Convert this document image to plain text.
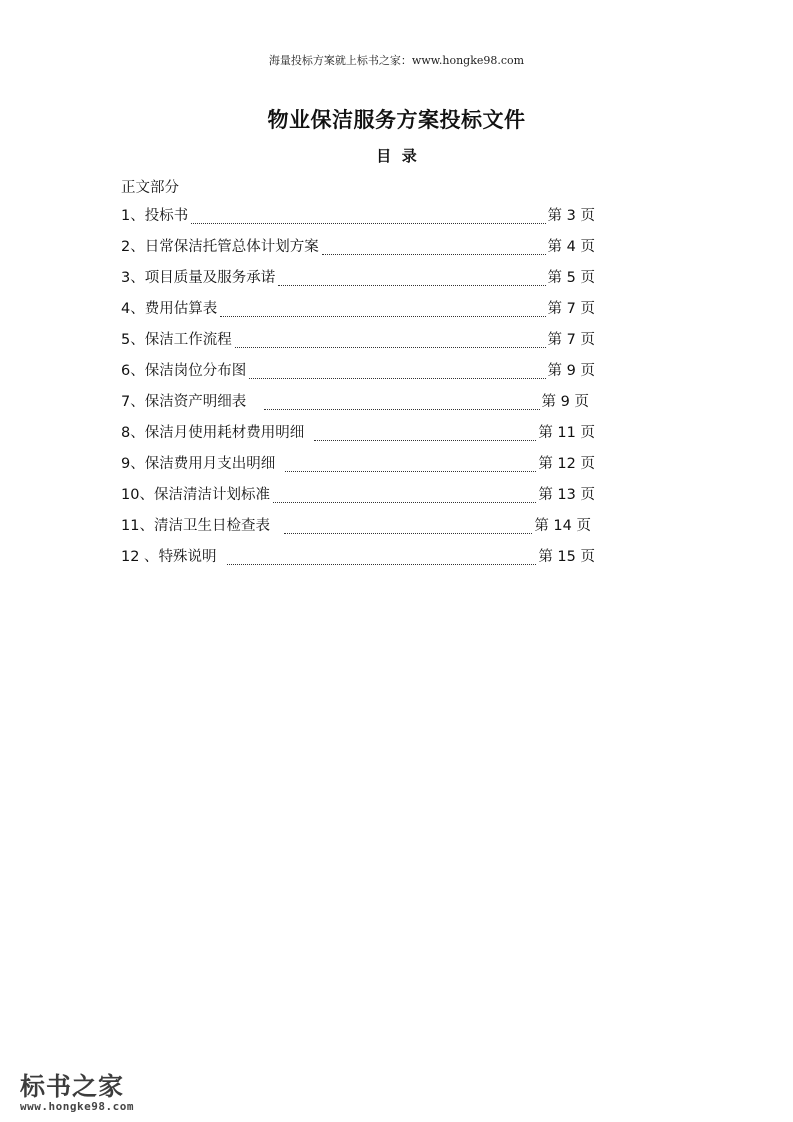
海量投标方案就上标书之家：www.hongke98.com
物业保洁服务方案投标文件
目  录
正文部分
1、 投标书	第 3 页
2、 日常保洁托管总体计划方案	第 4 页
3、 项目质量及服务承诺	第 5 页
4、 费用估算表	第 7 页
5、 保洁工作流程	第 7 页
6、 保洁岗位分布图	第 9 页
7、 保洁资产明细表	第 9 页
8、 保洁月使用耗材费用明细	第 11 页
9、 保洁费用月支出明细	第 12 页
10、 保洁清洁计划标准	第 13 页
11、 清洁卫生日检查表	第 14 页
12 、 特殊说明	第 15 页
标书之家
www.hongke98.com
